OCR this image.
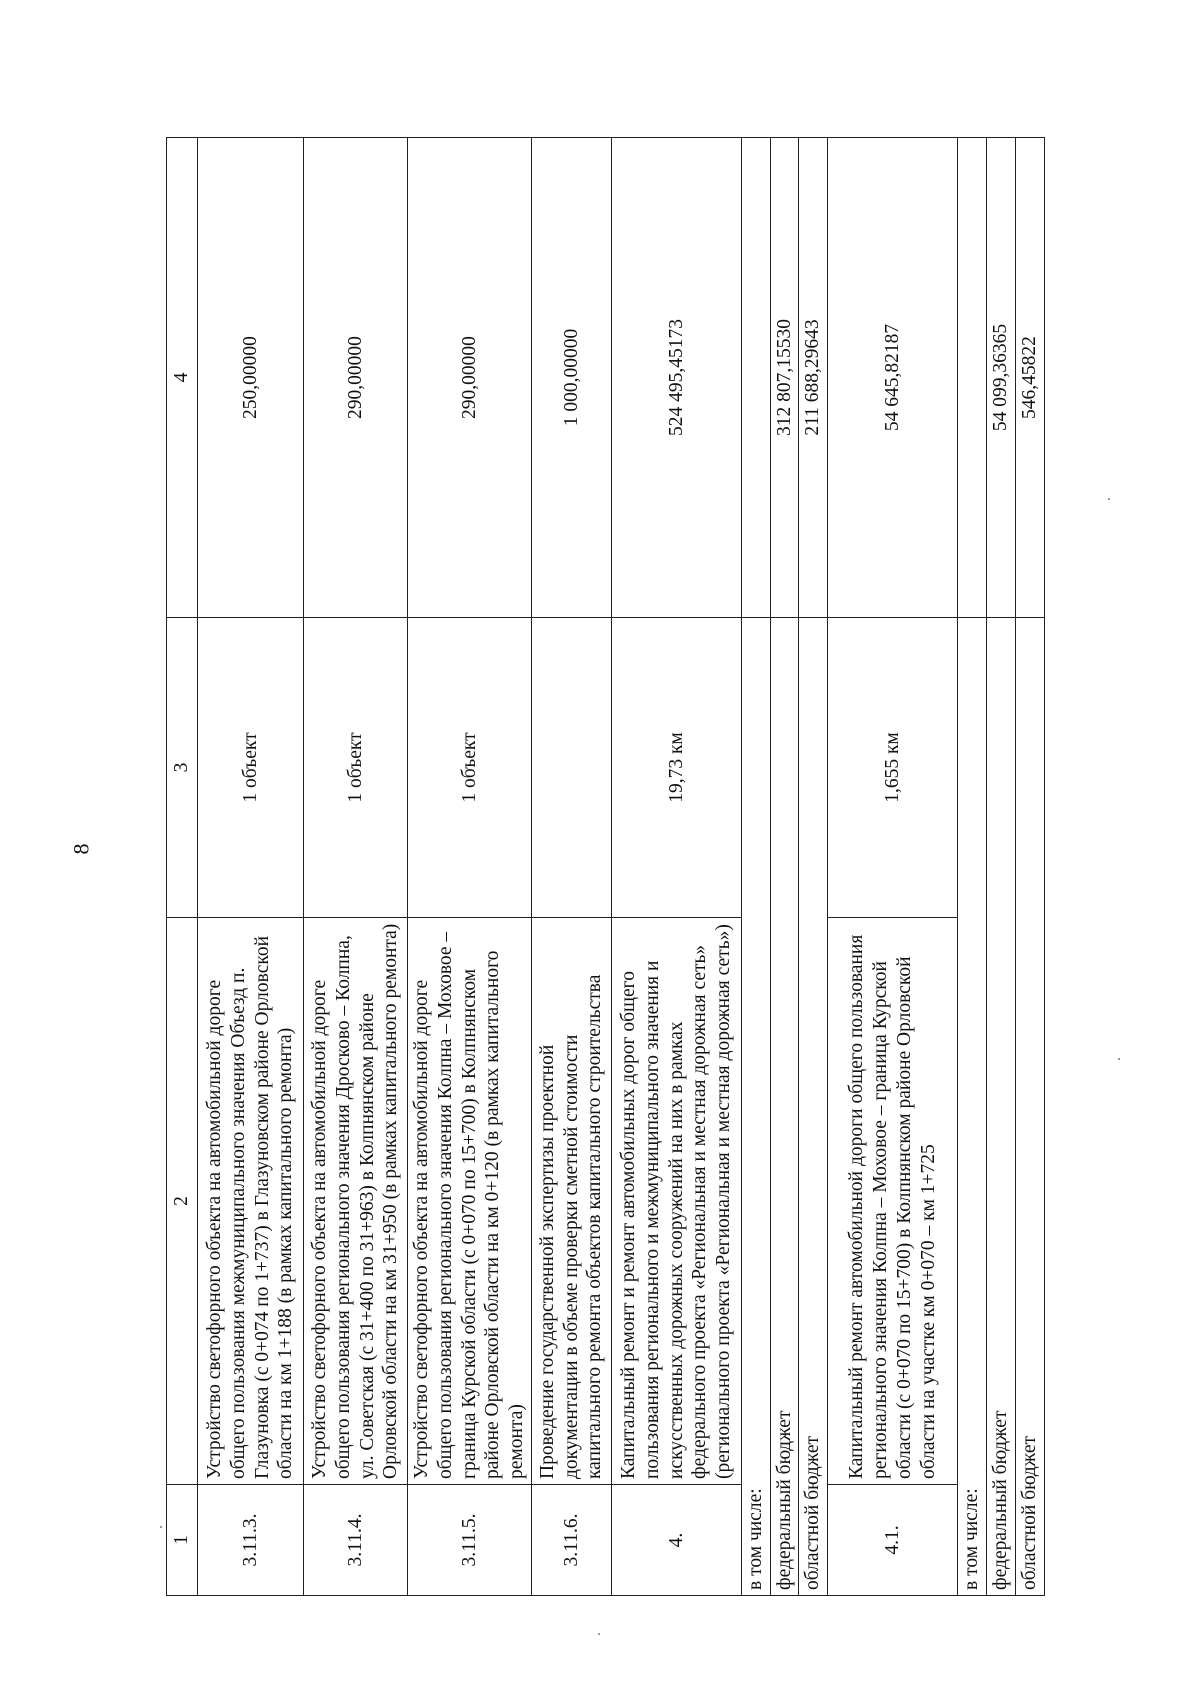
8
1	2	3	4
3.11.3.	Устройство светофорного объекта на автомобильной дороге общего пользования межмуниципального значения Объезд п. Глазуновка (с 0+074 по 1+737) в Глазуновском районе Орловской области на км 1+188 (в рамках капитального ремонта)	1 объект	250,00000
3.11.4.	Устройство светофорного объекта на автомобильной дороге общего пользования регионального значения Дросково – Колпна, ул. Советская (с 31+400 по 31+963) в Колпнянском районе Орловской области на км 31+950 (в рамках капитального ремонта)	1 объект	290,00000
3.11.5.	Устройство светофорного объекта на автомобильной дороге общего пользования регионального значения Колпна – Моховое – граница Курской области (с 0+070 по 15+700) в Колпнянском районе Орловской области на км 0+120 (в рамках капитального ремонта)	1 объект	290,00000
3.11.6.	Проведение государственной экспертизы проектной документации в объеме проверки сметной стоимости капитального ремонта объектов капитального строительства		1 000,00000
4.	Капитальный ремонт и ремонт автомобильных дорог общего пользования регионального и межмуниципального значения и искусственных дорожных сооружений на них в рамках федерального проекта «Региональная и местная дорожная сеть» (регионального проекта «Региональная и местная дорожная сеть»)	19,73 км	524 495,45173
в том числе:			
федеральный бюджет			312 807,15530
областной бюджет			211 688,29643
4.1.	Капитальный ремонт автомобильной дороги общего пользования регионального значения Колпна – Моховое – граница Курской области (с 0+070 по 15+700) в Колпнянском районе Орловской области на участке км 0+070 – км 1+725	1,655 км	54 645,82187
в том числе:			
федеральный бюджет			54 099,36365
областной бюджет			546,45822
